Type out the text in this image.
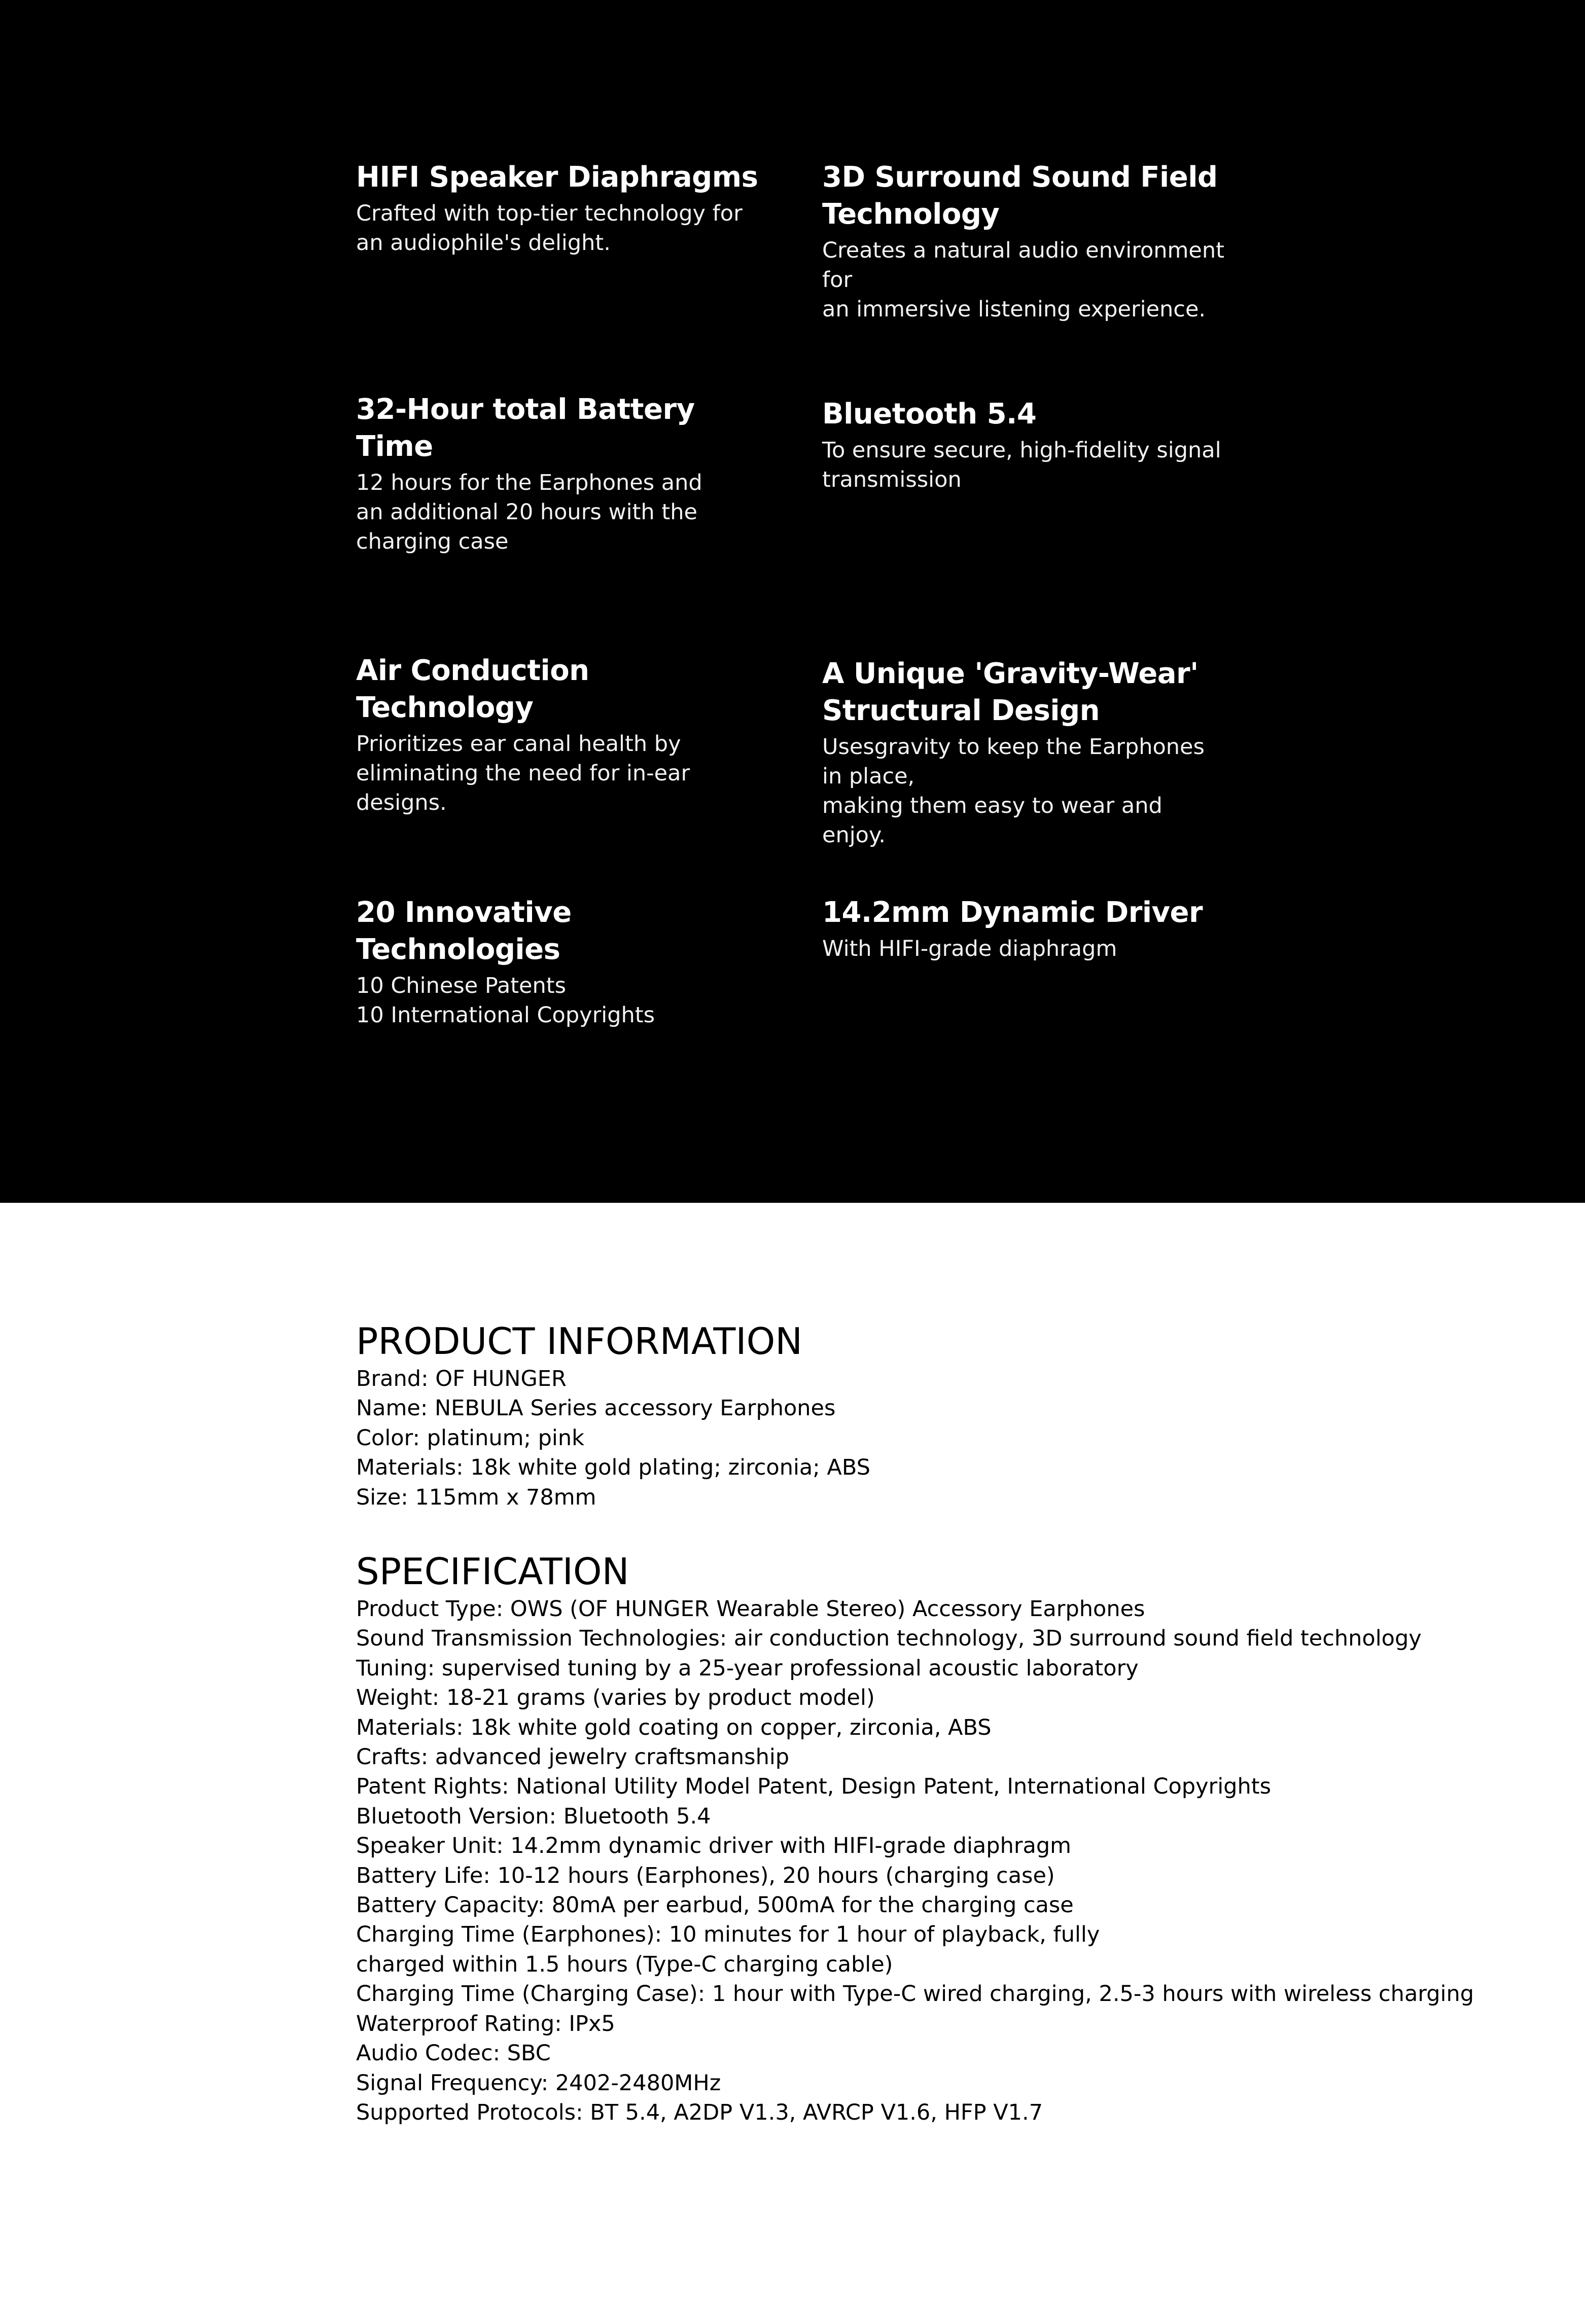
HIFI Speaker Diaphragms

Crafted with top-tier technology for
an audiophile's delight.

3D Surround Sound Field
Technology

Creates a natural audio environment for
an immersive listening experience.

32-Hour total Battery Time

12 hours for the Earphones and
an additional 20 hours with the
charging case

Bluetooth 5.4

To ensure secure, high-fidelity signal
transmission

Air Conduction Technology

Prioritizes ear canal health by
eliminating the need for in-ear
designs.

A Unique 'Gravity-Wear'
Structural Design

Usesgravity to keep the Earphones in place,
making them easy to wear and enjoy.

20 Innovative Technologies

10 Chinese Patents
10 International Copyrights

14.2mm Dynamic Driver

With HIFI-grade diaphragm

PRODUCT INFORMATION
Brand: OF HUNGER
Name: NEBULA Series accessory Earphones
Color: platinum; pink
Materials: 18k white gold plating; zirconia; ABS
Size: 115mm x 78mm
SPECIFICATION
Product Type: OWS (OF HUNGER Wearable Stereo) Accessory Earphones
Sound Transmission Technologies: air conduction technology, 3D surround sound field technology
Tuning: supervised tuning by a 25-year professional acoustic laboratory
Weight: 18-21 grams (varies by product model)
Materials: 18k white gold coating on copper, zirconia, ABS
Crafts: advanced jewelry craftsmanship
Patent Rights: National Utility Model Patent, Design Patent, International Copyrights
Bluetooth Version: Bluetooth 5.4
Speaker Unit: 14.2mm dynamic driver with HIFI-grade diaphragm
Battery Life: 10-12 hours (Earphones), 20 hours (charging case)
Battery Capacity: 80mA per earbud, 500mA for the charging case
Charging Time (Earphones): 10 minutes for 1 hour of playback, fully
charged within 1.5 hours (Type-C charging cable)
Charging Time (Charging Case): 1 hour with Type-C wired charging, 2.5-3 hours with wireless charging
Waterproof Rating: IPx5
Audio Codec: SBC
Signal Frequency: 2402-2480MHz
Supported Protocols: BT 5.4, A2DP V1.3, AVRCP V1.6, HFP V1.7
